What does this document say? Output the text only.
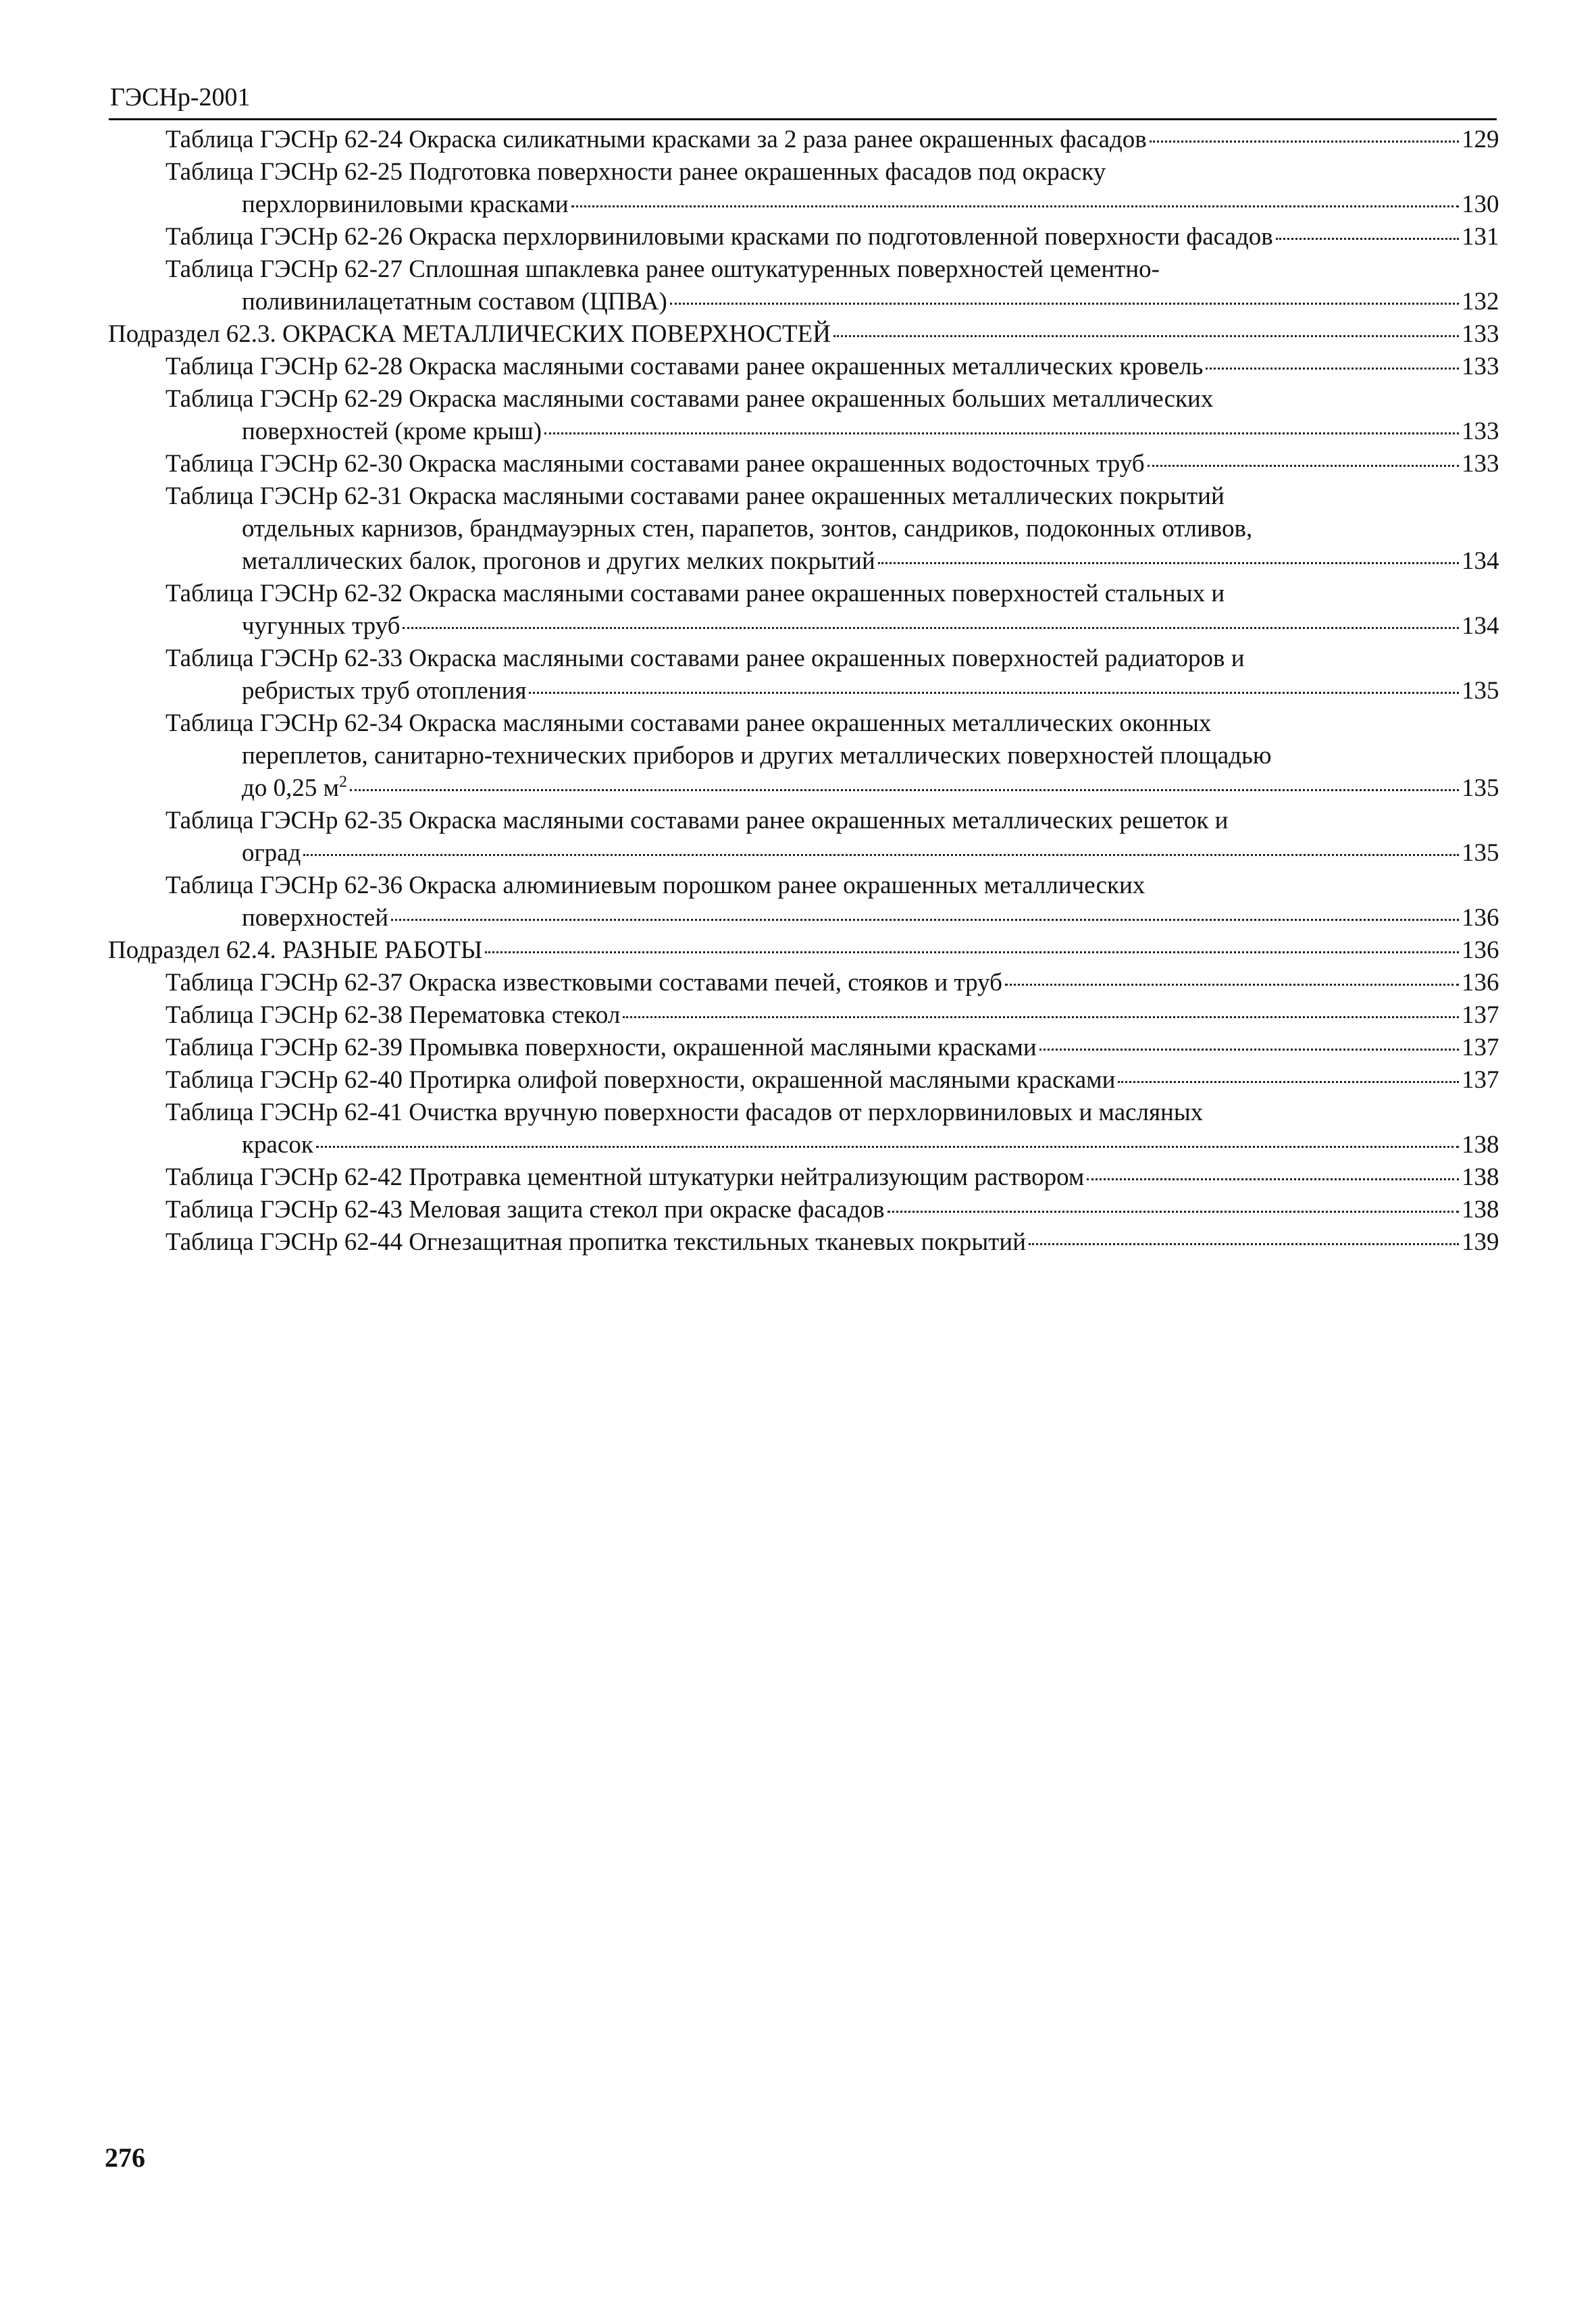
ГЭСНр-2001
Таблица ГЭСНр 62-24 Окраска силикатными красками за 2 раза ранее окрашенных фасадов	129
Таблица ГЭСНр 62-25 Подготовка поверхности ранее окрашенных фасадов под окраску
перхлорвиниловыми красками	130
Таблица ГЭСНр 62-26 Окраска перхлорвиниловыми красками по подготовленной поверхности фасадов	131
Таблица ГЭСНр 62-27 Сплошная шпаклевка ранее оштукатуренных поверхностей цементно-
поливинилацетатным составом (ЦПВА)	132
Подраздел 62.3. ОКРАСКА МЕТАЛЛИЧЕСКИХ ПОВЕРХНОСТЕЙ	133
Таблица ГЭСНр 62-28 Окраска масляными составами ранее окрашенных металлических кровель	133
Таблица ГЭСНр 62-29 Окраска масляными составами ранее окрашенных больших металлических
поверхностей (кроме крыш)	133
Таблица ГЭСНр 62-30 Окраска масляными составами ранее окрашенных водосточных труб	133
Таблица ГЭСНр 62-31 Окраска масляными составами ранее окрашенных металлических покрытий
отдельных карнизов, брандмауэрных стен, парапетов, зонтов, сандриков, подоконных отливов,
металлических балок, прогонов и других мелких покрытий	134
Таблица ГЭСНр 62-32 Окраска масляными составами ранее окрашенных поверхностей стальных и
чугунных труб	134
Таблица ГЭСНр 62-33 Окраска масляными составами ранее окрашенных поверхностей радиаторов и
ребристых труб отопления	135
Таблица ГЭСНр 62-34 Окраска масляными составами ранее окрашенных металлических оконных
переплетов, санитарно-технических приборов и других металлических поверхностей площадью
до 0,25 $м^2$	135
Таблица ГЭСНр 62-35 Окраска масляными составами ранее окрашенных металлических решеток и
оград	135
Таблица ГЭСНр 62-36 Окраска алюминиевым порошком ранее окрашенных металлических
поверхностей	136
Подраздел 62.4. РАЗНЫЕ РАБОТЫ	136
Таблица ГЭСНр 62-37 Окраска известковыми составами печей, стояков и труб	136
Таблица ГЭСНр 62-38 Перематовка стекол	137
Таблица ГЭСНр 62-39 Промывка поверхности, окрашенной масляными красками	137
Таблица ГЭСНр 62-40 Протирка олифой поверхности, окрашенной масляными красками	137
Таблица ГЭСНр 62-41 Очистка вручную поверхности фасадов от перхлорвиниловых и масляных
красок	138
Таблица ГЭСНр 62-42 Протравка цементной штукатурки нейтрализующим раствором	138
Таблица ГЭСНр 62-43 Меловая защита стекол при окраске фасадов	138
Таблица ГЭСНр 62-44 Огнезащитная пропитка текстильных тканевых покрытий	139
276
